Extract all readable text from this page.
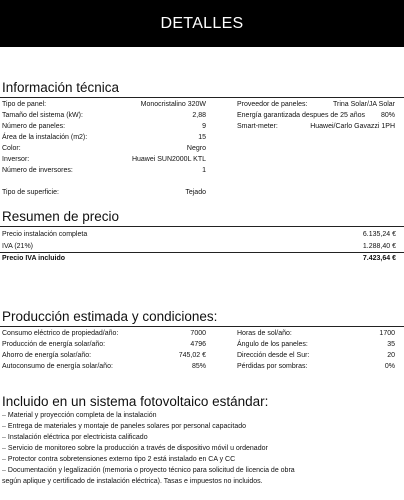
DETALLES
Información técnica
Tipo de panel:	Monocristalino 320W
Tamaño del sistema (kW):	2,88
Número de paneles:	9
Área de la instalación (m2):	15
Color:	Negro
Inversor:	Huawei SUN2000L KTL
Número de inversores:	1
Tipo de superficie:	Tejado
Proveedor de paneles:	Trina Solar/JA Solar
Energía garantizada despues de 25 años 80%
Smart-meter:	Huawei/Carlo Gavazzi 1PH
Resumen de precio
Precio instalación completa	6.135,24 €
IVA (21%)	1.288,40 €
Precio IVA incluido	7.423,64 €
Producción estimada y condiciones:
Consumo eléctrico de propiedad/año:	7000
Producción de energía solar/año:	4796
Ahorro de energía solar/año:	745,02 €
Autoconsumo de energía solar/año:	85%
Horas de sol/año:	1700
Ángulo de los paneles:	35
Dirección desde el Sur:	20
Pérdidas por sombras:	0%
Incluido en un sistema fotovoltaico estándar:
– Material y proyección completa de la instalación
– Entrega de materiales y montaje de paneles solares por personal capacitado
– Instalación eléctrica por electricista calificado
– Servicio de monitoreo sobre la producción a través de dispositivo móvil u ordenador
– Protector contra sobretensiones externo tipo 2 está instalado en CA y CC
– Documentación y legalización (memoria o proyecto técnico para solicitud de licencia de obra
según aplique y certificado de instalación eléctrica). Tasas e impuestos no incluidos.
